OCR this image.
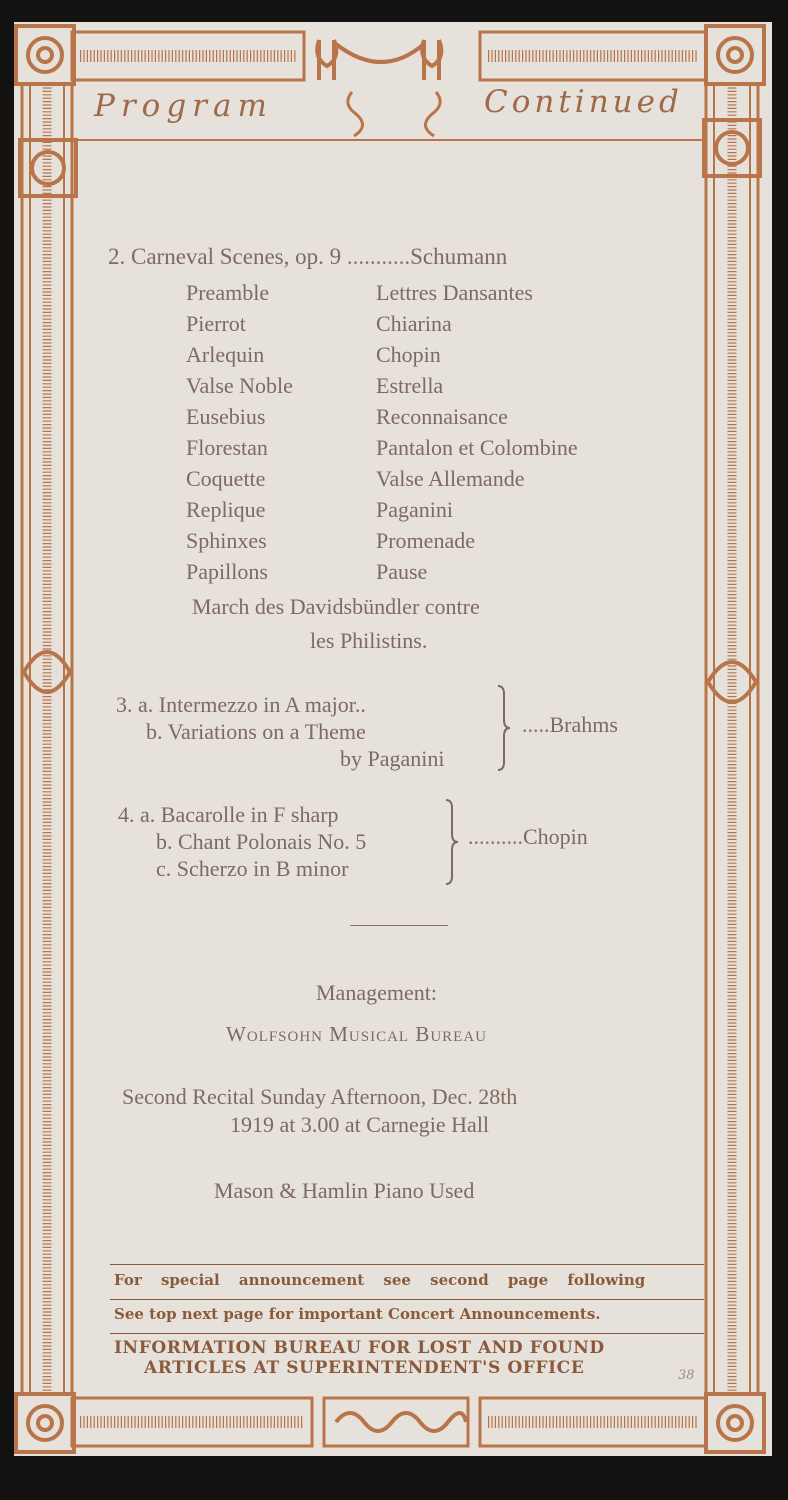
Program	Continued
2. Carneval Scenes, op. 9 ...........Schumann
March des Davidsbündler contre
les Philistins.
3. a. Intermezzo in A major..
b. Variations on a Theme
by Paganini
.....Brahms
4. a. Bacarolle in F sharp
b. Chant Polonais No. 5
c. Scherzo in B minor
..........Chopin
Management:
Wolfsohn Musical Bureau
Second Recital Sunday Afternoon, Dec. 28th
1919 at 3.00 at Carnegie Hall
Mason & Hamlin Piano Used
For special announcement see second page following
See top next page for important Concert Announcements.
INFORMATION BUREAU FOR LOST AND FOUND
ARTICLES AT SUPERINTENDENT'S OFFICE	38
Preamble
Pierrot
Arlequin
Valse Noble
Eusebius
Florestan
Coquette
Replique
Sphinxes
Papillons
Lettres Dansantes
Chiarina
Chopin
Estrella
Reconnaisance
Pantalon et Colombine
Valse Allemande
Paganini
Promenade
Pause
